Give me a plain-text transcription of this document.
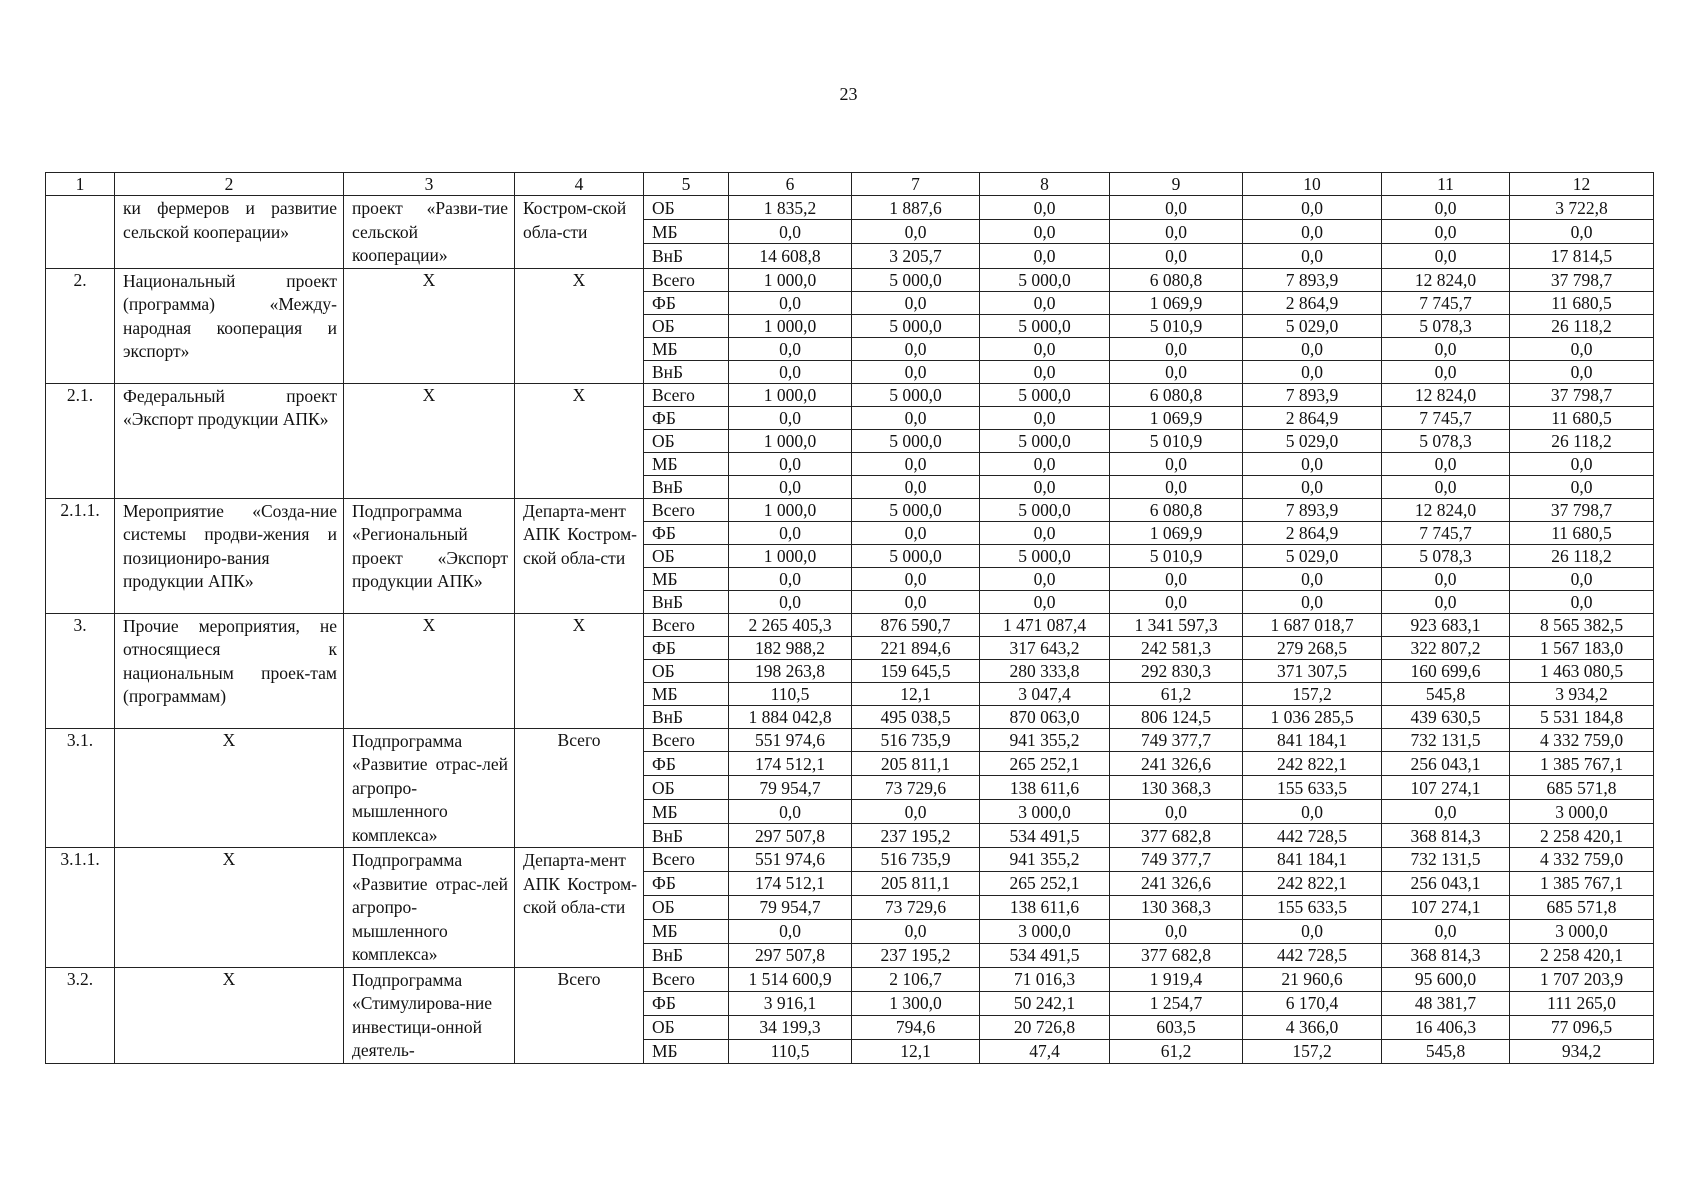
23
1	2	3	4	5	6	7	8	9	10	11	12
	ки фермеров и развитие сельской кооперации»	проект «Разви-тие сельской кооперации»	Костром-ской обла-сти	ОБ	1 835,2	1 887,6	0,0	0,0	0,0	0,0	3 722,8
				МБ	0,0	0,0	0,0	0,0	0,0	0,0	0,0
				ВнБ	14 608,8	3 205,7	0,0	0,0	0,0	0,0	17 814,5
2.	Национальный проект (программа) «Между-народная кооперация и экспорт»	Х	Х	Всего	1 000,0	5 000,0	5 000,0	6 080,8	7 893,9	12 824,0	37 798,7
				ФБ	0,0	0,0	0,0	1 069,9	2 864,9	7 745,7	11 680,5
				ОБ	1 000,0	5 000,0	5 000,0	5 010,9	5 029,0	5 078,3	26 118,2
				МБ	0,0	0,0	0,0	0,0	0,0	0,0	0,0
				ВнБ	0,0	0,0	0,0	0,0	0,0	0,0	0,0
2.1.	Федеральный проект «Экспорт продукции АПК»	Х	Х	Всего	1 000,0	5 000,0	5 000,0	6 080,8	7 893,9	12 824,0	37 798,7
				ФБ	0,0	0,0	0,0	1 069,9	2 864,9	7 745,7	11 680,5
				ОБ	1 000,0	5 000,0	5 000,0	5 010,9	5 029,0	5 078,3	26 118,2
				МБ	0,0	0,0	0,0	0,0	0,0	0,0	0,0
				ВнБ	0,0	0,0	0,0	0,0	0,0	0,0	0,0
2.1.1.	Мероприятие «Созда-ние системы продви-жения и позициониро-вания продукции АПК»	Подпрограмма «Региональный проект «Экспорт продукции АПК»	Департа-мент АПК Костром-ской обла-сти	Всего	1 000,0	5 000,0	5 000,0	6 080,8	7 893,9	12 824,0	37 798,7
				ФБ	0,0	0,0	0,0	1 069,9	2 864,9	7 745,7	11 680,5
				ОБ	1 000,0	5 000,0	5 000,0	5 010,9	5 029,0	5 078,3	26 118,2
				МБ	0,0	0,0	0,0	0,0	0,0	0,0	0,0
				ВнБ	0,0	0,0	0,0	0,0	0,0	0,0	0,0
3.	Прочие мероприятия, не относящиеся к национальным проек-там (программам)	Х	Х	Всего	2 265 405,3	876 590,7	1 471 087,4	1 341 597,3	1 687 018,7	923 683,1	8 565 382,5
				ФБ	182 988,2	221 894,6	317 643,2	242 581,3	279 268,5	322 807,2	1 567 183,0
				ОБ	198 263,8	159 645,5	280 333,8	292 830,3	371 307,5	160 699,6	1 463 080,5
				МБ	110,5	12,1	3 047,4	61,2	157,2	545,8	3 934,2
				ВнБ	1 884 042,8	495 038,5	870 063,0	806 124,5	1 036 285,5	439 630,5	5 531 184,8
3.1.	Х	Подпрограмма «Развитие отрас-лей агропро-мышленного комплекса»	Всего	Всего	551 974,6	516 735,9	941 355,2	749 377,7	841 184,1	732 131,5	4 332 759,0
				ФБ	174 512,1	205 811,1	265 252,1	241 326,6	242 822,1	256 043,1	1 385 767,1
				ОБ	79 954,7	73 729,6	138 611,6	130 368,3	155 633,5	107 274,1	685 571,8
				МБ	0,0	0,0	3 000,0	0,0	0,0	0,0	3 000,0
				ВнБ	297 507,8	237 195,2	534 491,5	377 682,8	442 728,5	368 814,3	2 258 420,1
3.1.1.	Х	Подпрограмма «Развитие отрас-лей агропро-мышленного комплекса»	Департа-мент АПК Костром-ской обла-сти	Всего	551 974,6	516 735,9	941 355,2	749 377,7	841 184,1	732 131,5	4 332 759,0
				ФБ	174 512,1	205 811,1	265 252,1	241 326,6	242 822,1	256 043,1	1 385 767,1
				ОБ	79 954,7	73 729,6	138 611,6	130 368,3	155 633,5	107 274,1	685 571,8
				МБ	0,0	0,0	3 000,0	0,0	0,0	0,0	3 000,0
				ВнБ	297 507,8	237 195,2	534 491,5	377 682,8	442 728,5	368 814,3	2 258 420,1
3.2.	Х	Подпрограмма «Стимулирова-ние инвестици-онной деятель-	Всего	Всего	1 514 600,9	2 106,7	71 016,3	1 919,4	21 960,6	95 600,0	1 707 203,9
				ФБ	3 916,1	1 300,0	50 242,1	1 254,7	6 170,4	48 381,7	111 265,0
				ОБ	34 199,3	794,6	20 726,8	603,5	4 366,0	16 406,3	77 096,5
				МБ	110,5	12,1	47,4	61,2	157,2	545,8	934,2
